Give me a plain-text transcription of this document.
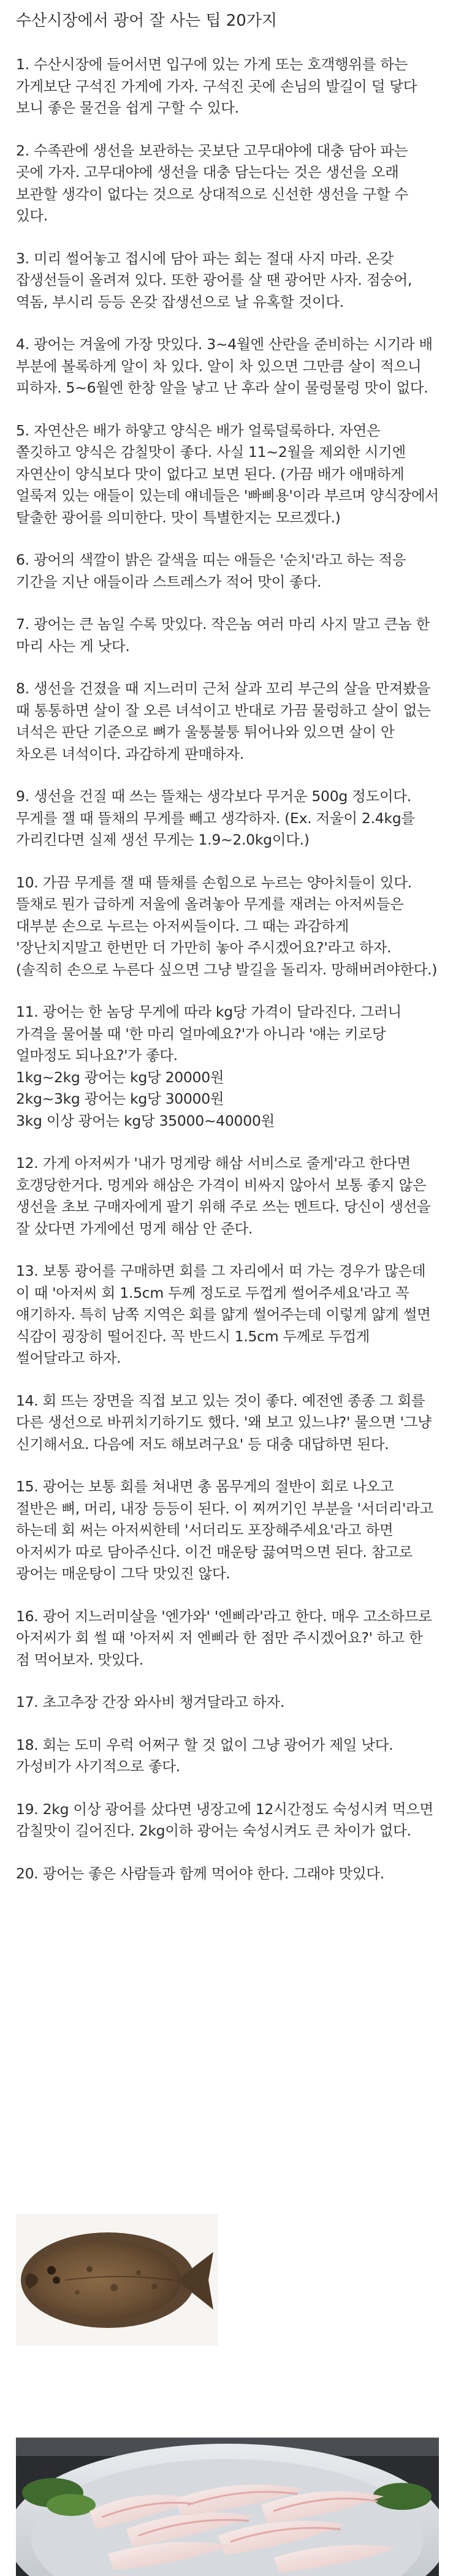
수산시장에서 광어 잘 사는 팁 20가지

1. 수산시장에 들어서면 입구에 있는 가게 또는 호객행위를 하는 가게보단 구석진 가게에 가자. 구석진 곳에 손님의 발길이 덜 닿다 보니 좋은 물건을 쉽게 구할 수 있다.

2. 수족관에 생선을 보관하는 곳보단 고무대야에 대충 담아 파는 곳에 가자. 고무대야에 생선을 대충 담는다는 것은 생선을 오래 보관할 생각이 없다는 것으로 상대적으로 신선한 생선을 구할 수 있다.

3. 미리 썰어놓고 접시에 담아 파는 회는 절대 사지 마라. 온갖 잡생선들이 올려져 있다. 또한 광어를 살 땐 광어만 사자. 점숭어, 역돔, 부시리 등등 온갖 잡생선으로 날 유혹할 것이다.

4. 광어는 겨울에 가장 맛있다. 3~4월엔 산란을 준비하는 시기라 배 부분에 볼록하게 알이 차 있다. 알이 차 있으면 그만큼 살이 적으니 피하자. 5~6월엔 한창 알을 낳고 난 후라 살이 물렁물렁 맛이 없다.

5. 자연산은 배가 하얗고 양식은 배가 얼룩덜룩하다. 자연은 쫄깃하고 양식은 감칠맛이 좋다. 사실 11~2월을 제외한 시기엔 자연산이 양식보다 맛이 없다고 보면 된다. (가끔 배가 애매하게 얼룩져 있는 애들이 있는데 얘네들은 '빠삐용'이라 부르며 양식장에서 탈출한 광어를 의미한다. 맛이 특별한지는 모르겠다.)

6. 광어의 색깔이 밝은 갈색을 띠는 애들은 '순치'라고 하는 적응 기간을 지난 애들이라 스트레스가 적어 맛이 좋다.

7. 광어는 큰 놈일 수록 맛있다. 작은놈 여러 마리 사지 말고 큰놈 한 마리 사는 게 낫다.

8. 생선을 건졌을 때 지느러미 근처 살과 꼬리 부근의 살을 만져봤을 때 통통하면 살이 잘 오른 녀석이고 반대로 가끔 물렁하고 살이 없는 녀석은 판단 기준으로 뼈가 울퉁불퉁 튀어나와 있으면 살이 안 차오른 녀석이다. 과감하게 판매하자.

9. 생선을 건질 때 쓰는 뜰채는 생각보다 무거운 500g 정도이다. 무게를 잴 때 뜰채의 무게를 빼고 생각하자. (Ex. 저울이 2.4kg를 가리킨다면 실제 생선 무게는 1.9~2.0kg이다.)

10. 가끔 무게를 잴 때 뜰채를 손힘으로 누르는 양아치들이 있다. 뜰채로 뭔가 급하게 저울에 올려놓아 무게를 재려는 아저씨들은 대부분 손으로 누르는 아저씨들이다. 그 때는 과감하게 '장난치지말고 한번만 더 가만히 놓아 주시겠어요?'라고 하자. (솔직히 손으로 누른다 싶으면 그냥 발길을 돌리자. 망해버려야한다.)

11. 광어는 한 놈당 무게에 따라 kg당 가격이 달라진다. 그러니 가격을 물어볼 때 '한 마리 얼마예요?'가 아니라 '얘는 키로당 얼마정도 되나요?'가 좋다.
1kg~2kg 광어는 kg당 20000원
2kg~3kg 광어는 kg당 30000원
3kg 이상 광어는 kg당 35000~40000원

12. 가게 아저씨가 '내가 멍게랑 해삼 서비스로 줄게'라고 한다면 호갱당한거다. 멍게와 해삼은 가격이 비싸지 않아서 보통 좋지 않은 생선을 초보 구매자에게 팔기 위해 주로 쓰는 멘트다. 당신이 생선을 잘 샀다면 가게에선 멍게 해삼 안 준다.

13. 보통 광어를 구매하면 회를 그 자리에서 떠 가는 경우가 많은데 이 때 '아저씨 회 1.5cm 두께 정도로 두껍게 썰어주세요'라고 꼭 얘기하자. 특히 남쪽 지역은 회를 얇게 썰어주는데 이렇게 얇게 썰면 식감이 굉장히 떨어진다. 꼭 반드시 1.5cm 두께로 두껍게 썰어달라고 하자.

14. 회 뜨는 장면을 직접 보고 있는 것이 좋다. 예전엔 종종 그 회를 다른 생선으로 바뀌치기하기도 했다. '왜 보고 있느냐?' 물으면 '그냥 신기해서요. 다음에 저도 해보려구요' 등 대충 대답하면 된다.

15. 광어는 보통 회를 쳐내면 총 몸무게의 절반이 회로 나오고 절반은 뼈, 머리, 내장 등등이 된다. 이 찌꺼기인 부분을 '서더리'라고 하는데 회 써는 아저씨한테 '서더리도 포장해주세요'라고 하면 아저씨가 따로 담아주신다. 이건 매운탕 끓여먹으면 된다. 참고로 광어는 매운탕이 그닥 맛있진 않다.

16. 광어 지느러미살을 '엔가와' '엔삐라'라고 한다. 매우 고소하므로 아저씨가 회 썰 때 '아저씨 저 엔삐라 한 점만 주시겠어요?' 하고 한 점 먹어보자. 맛있다.

17. 초고추장 간장 와사비 챙겨달라고 하자.

18. 회는 도미 우럭 어쩌구 할 것 없이 그냥 광어가 제일 낫다. 가성비가 사기적으로 좋다.

19. 2kg 이상 광어를 샀다면 냉장고에 12시간정도 숙성시켜 먹으면 감칠맛이 길어진다. 2kg이하 광어는 숙성시켜도 큰 차이가 없다.

20. 광어는 좋은 사람들과 함께 먹어야 한다. 그래야 맛있다.
